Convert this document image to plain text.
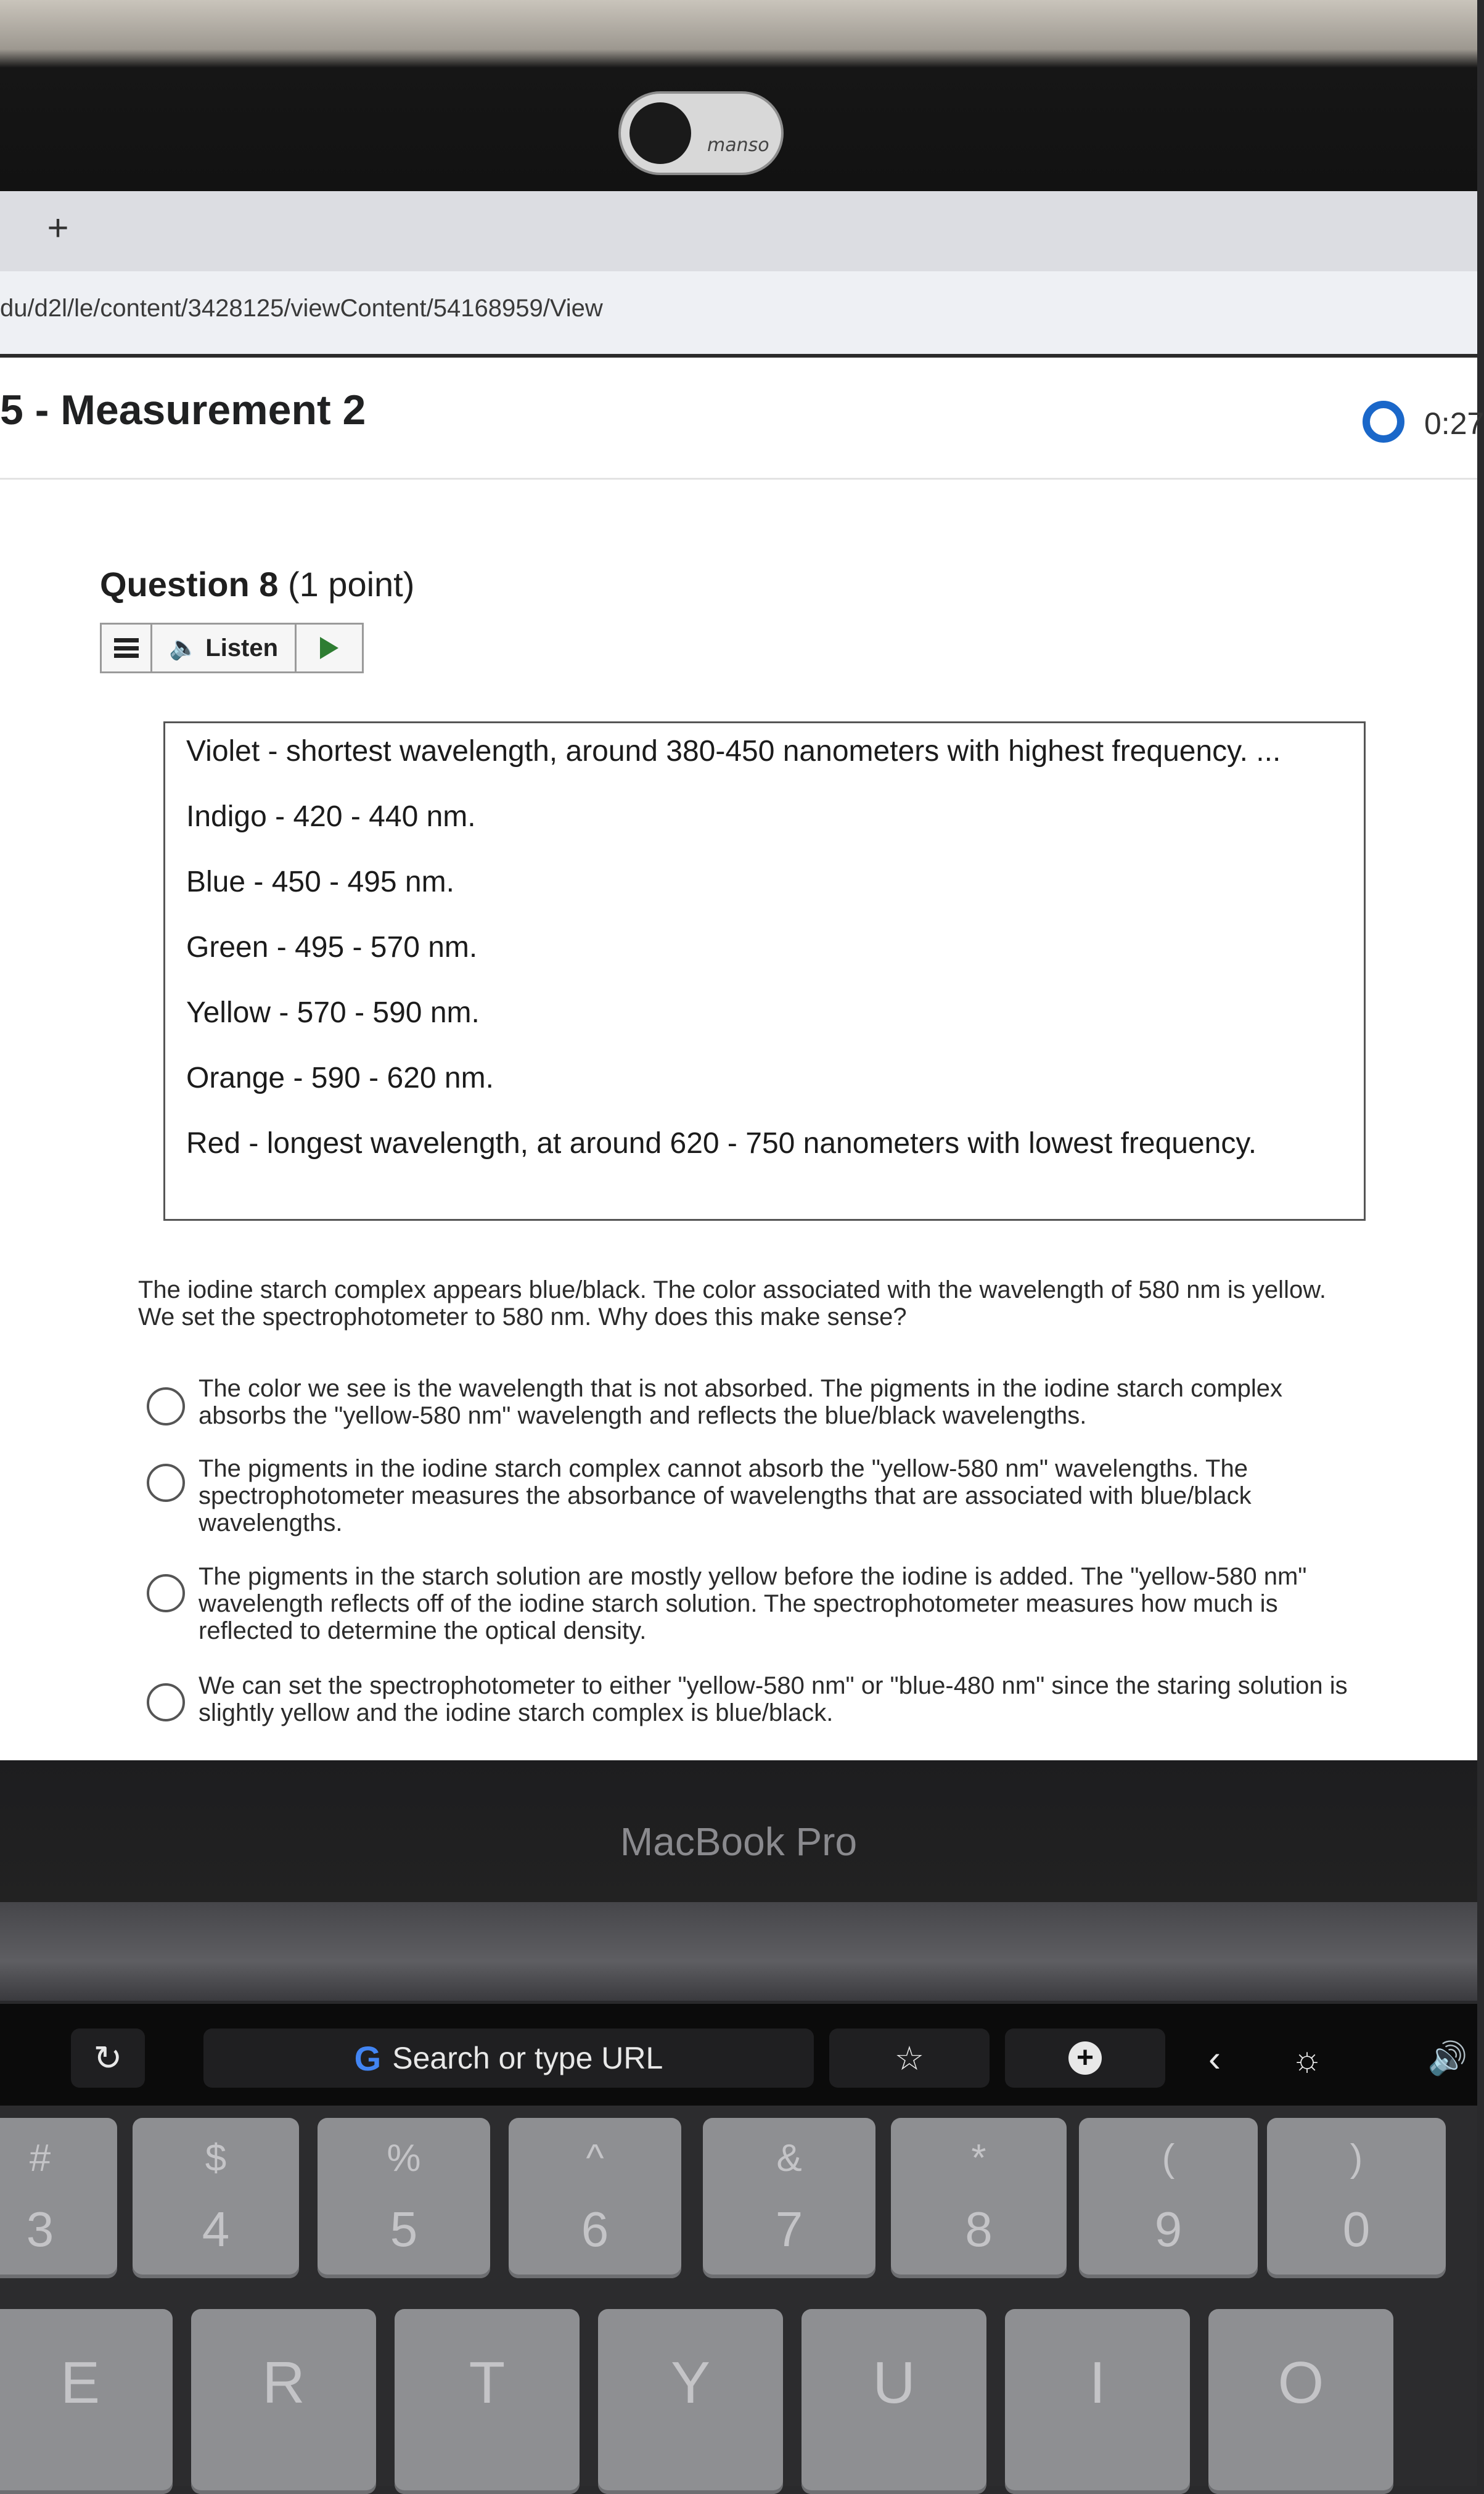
manso
+
du/d2l/le/content/3428125/viewContent/54168959/View
5 - Measurement 2	0:27
Question 8 (1 point)
🔈 Listen
Violet - shortest wavelength, around 380-450 nanometers with highest frequency. ...
Indigo - 420 - 440 nm.
Blue - 450 - 495 nm.
Green - 495 - 570 nm.
Yellow - 570 - 590 nm.
Orange - 590 - 620 nm.
Red - longest wavelength, at around 620 - 750 nanometers with lowest frequency.
The iodine starch complex appears blue/black. The color associated with the wavelength of 580 nm is yellow. We set the spectrophotometer to 580 nm. Why does this make sense?
The color we see is the wavelength that is not absorbed. The pigments in the iodine starch complex absorbs the "yellow-580 nm" wavelength and reflects the blue/black wavelengths.
The pigments in the iodine starch complex cannot absorb the "yellow-580 nm" wavelengths. The spectrophotometer measures the absorbance of wavelengths that are associated with blue/black wavelengths.
The pigments in the starch solution are mostly yellow before the iodine is added. The "yellow-580 nm" wavelength reflects off of the iodine starch solution. The spectrophotometer measures how much is reflected to determine the optical density.
We can set the spectrophotometer to either "yellow-580 nm" or "blue-480 nm" since the staring solution is slightly yellow and the iodine starch complex is blue/black.
MacBook Pro
↻	G Search or type URL	☆	+	‹ ☼	🔊
#
3
$
4
%
5
^
6
&
7
*
8
(
9
)
0
E	R	T	Y	U	I	O
